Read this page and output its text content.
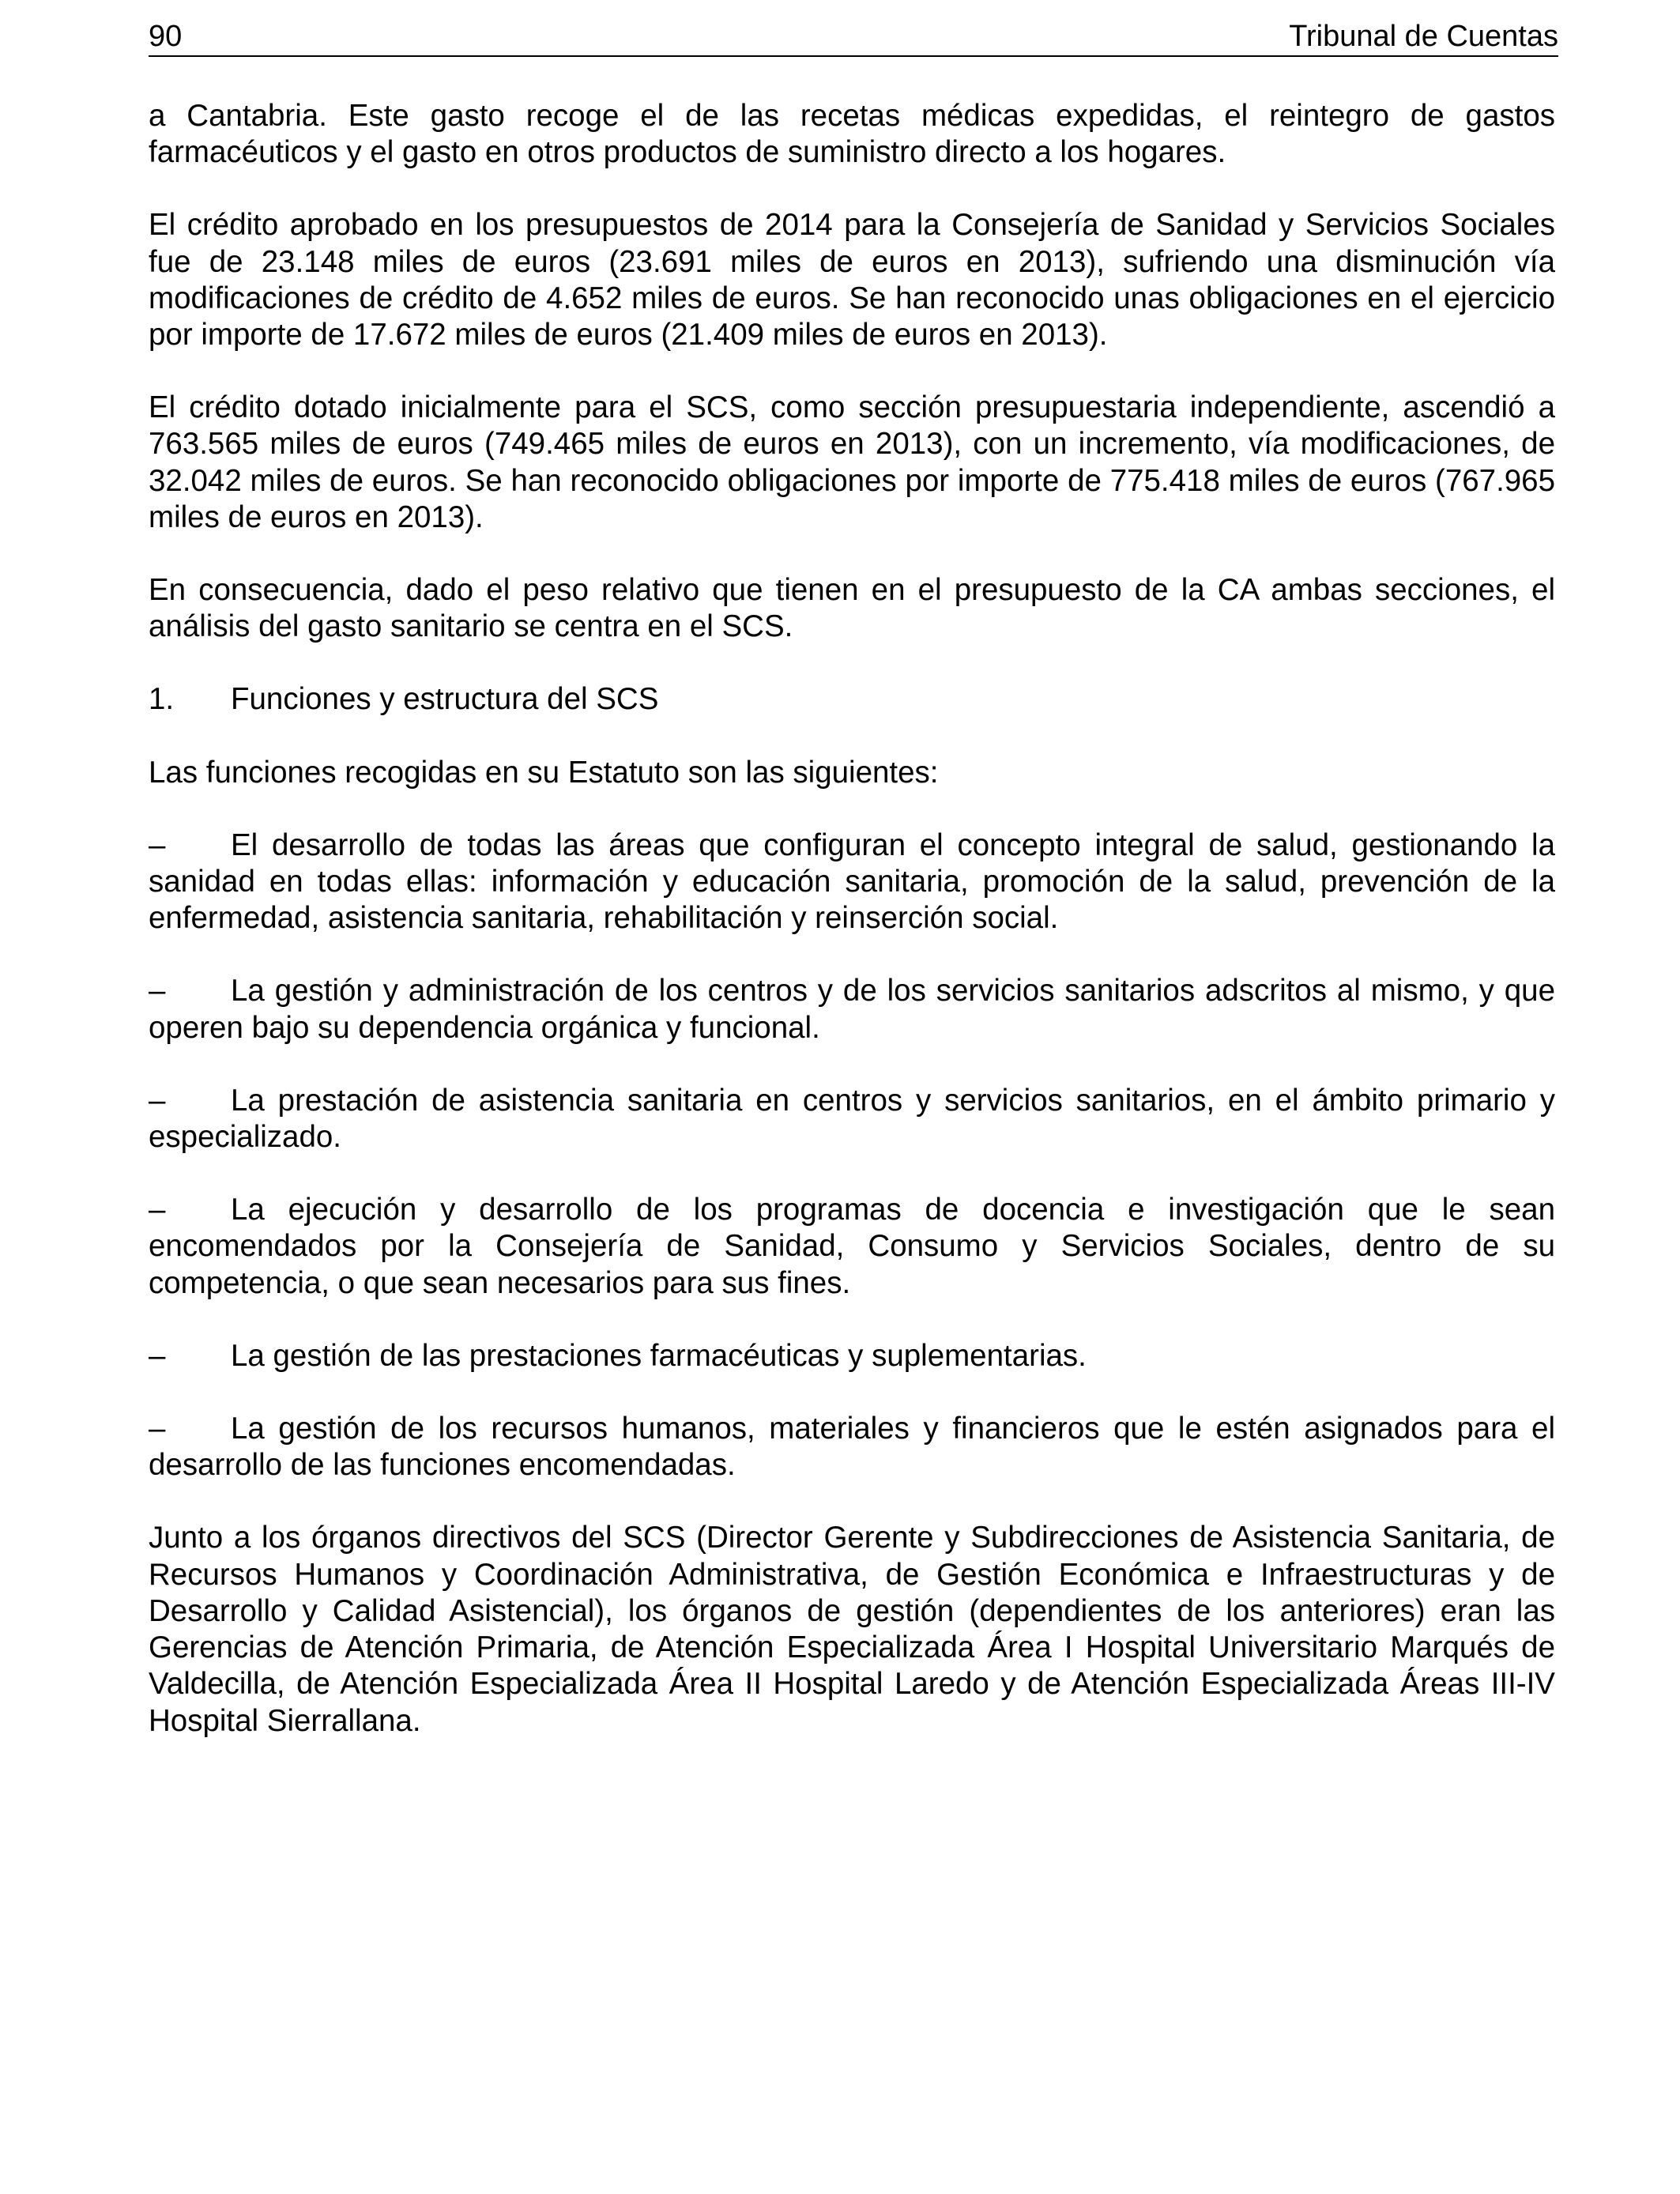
90	Tribunal de Cuentas

a Cantabria. Este gasto recoge el de las recetas médicas expedidas, el reintegro de gastos farmacéuticos y el gasto en otros productos de suministro directo a los hogares.

El crédito aprobado en los presupuestos de 2014 para la Consejería de Sanidad y Servicios Sociales fue de 23.148 miles de euros (23.691 miles de euros en 2013), sufriendo una disminución vía modificaciones de crédito de 4.652 miles de euros. Se han reconocido unas obligaciones en el ejercicio por importe de 17.672 miles de euros (21.409 miles de euros en 2013).

El crédito dotado inicialmente para el SCS, como sección presupuestaria independiente, ascendió a 763.565 miles de euros (749.465 miles de euros en 2013), con un incremento, vía modificaciones, de 32.042 miles de euros. Se han reconocido obligaciones por importe de 775.418 miles de euros (767.965 miles de euros en 2013).

En consecuencia, dado el peso relativo que tienen en el presupuesto de la CA ambas secciones, el análisis del gasto sanitario se centra en el SCS.

1. Funciones y estructura del SCS

Las funciones recogidas en su Estatuto son las siguientes:

– El desarrollo de todas las áreas que configuran el concepto integral de salud, gestionando la sanidad en todas ellas: información y educación sanitaria, promoción de la salud, prevención de la enfermedad, asistencia sanitaria, rehabilitación y reinserción social.

– La gestión y administración de los centros y de los servicios sanitarios adscritos al mismo, y que operen bajo su dependencia orgánica y funcional.

– La prestación de asistencia sanitaria en centros y servicios sanitarios, en el ámbito primario y especializado.

– La ejecución y desarrollo de los programas de docencia e investigación que le sean encomendados por la Consejería de Sanidad, Consumo y Servicios Sociales, dentro de su competencia, o que sean necesarios para sus fines.

– La gestión de las prestaciones farmacéuticas y suplementarias.

– La gestión de los recursos humanos, materiales y financieros que le estén asignados para el desarrollo de las funciones encomendadas.

Junto a los órganos directivos del SCS (Director Gerente y Subdirecciones de Asistencia Sanitaria, de Recursos Humanos y Coordinación Administrativa, de Gestión Económica e Infraestructuras y de Desarrollo y Calidad Asistencial), los órganos de gestión (dependientes de los anteriores) eran las Gerencias de Atención Primaria, de Atención Especializada Área I Hospital Universitario Marqués de Valdecilla, de Atención Especializada Área II Hospital Laredo y de Atención Especializada Áreas III-IV Hospital Sierrallana.
